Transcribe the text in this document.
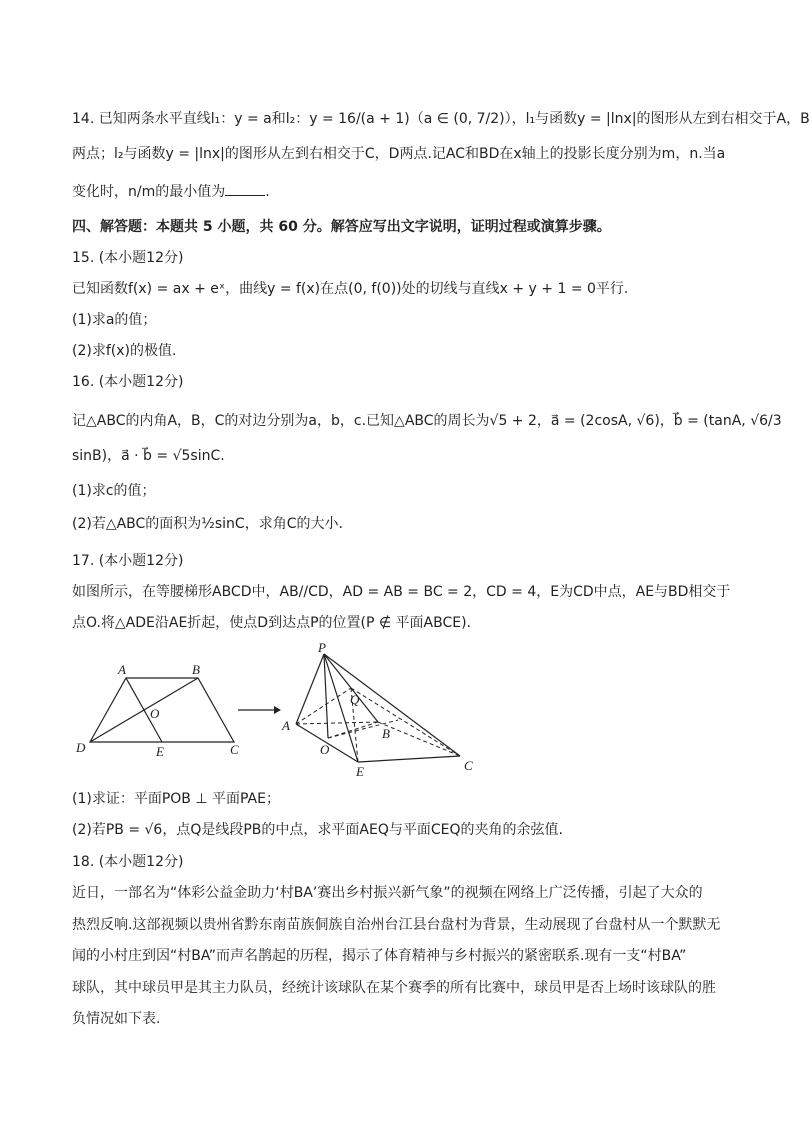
14. 已知两条水平直线l₁：y = a和l₂：y = 16/(a + 1)（a ∈ (0, 7/2)），l₁与函数y = |lnx|的图形从左到右相交于A，B
两点；l₂与函数y = |lnx|的图形从左到右相交于C，D两点.记AC和BD在x轴上的投影长度分别为m，n.当a
变化时，n/m的最小值为	.
四、解答题：本题共 5 小题，共 60 分。解答应写出文字说明，证明过程或演算步骤。
15. (本小题12分)
已知函数f(x) = ax + eˣ，曲线y = f(x)在点(0, f(0))处的切线与直线x + y + 1 = 0平行.
(1)求a的值；
(2)求f(x)的极值.
16. (本小题12分)
记△ABC的内角A，B，C的对边分别为a，b，c.已知△ABC的周长为√5 + 2，a⃗ = (2cosA, √6)，b⃗ = (tanA, √6/3
sinB)，a⃗ · b⃗ = √5sinC.
(1)求c的值；
(2)若△ABC的面积为½sinC，求角C的大小.
17. (本小题12分)
如图所示，在等腰梯形ABCD中，AB//CD，AD = AB = BC = 2，CD = 4，E为CD中点，AE与BD相交于
点O.将△ADE沿AE折起，使点D到达点P的位置(P ∉ 平面ABCE).
A	B
D	E	C
O
P
Q
A
B
C
E
O
(1)求证：平面POB ⊥ 平面PAE；
(2)若PB = √6，点Q是线段PB的中点，求平面AEQ与平面CEQ的夹角的余弦值.
18. (本小题12分)
近日，一部名为“体彩公益金助力‘村BA’赛出乡村振兴新气象”的视频在网络上广泛传播，引起了大众的
热烈反响.这部视频以贵州省黔东南苗族侗族自治州台江县台盘村为背景，生动展现了台盘村从一个默默无
闻的小村庄到因“村BA”而声名鹊起的历程，揭示了体育精神与乡村振兴的紧密联系.现有一支“村BA”
球队，其中球员甲是其主力队员，经统计该球队在某个赛季的所有比赛中，球员甲是否上场时该球队的胜
负情况如下表.
